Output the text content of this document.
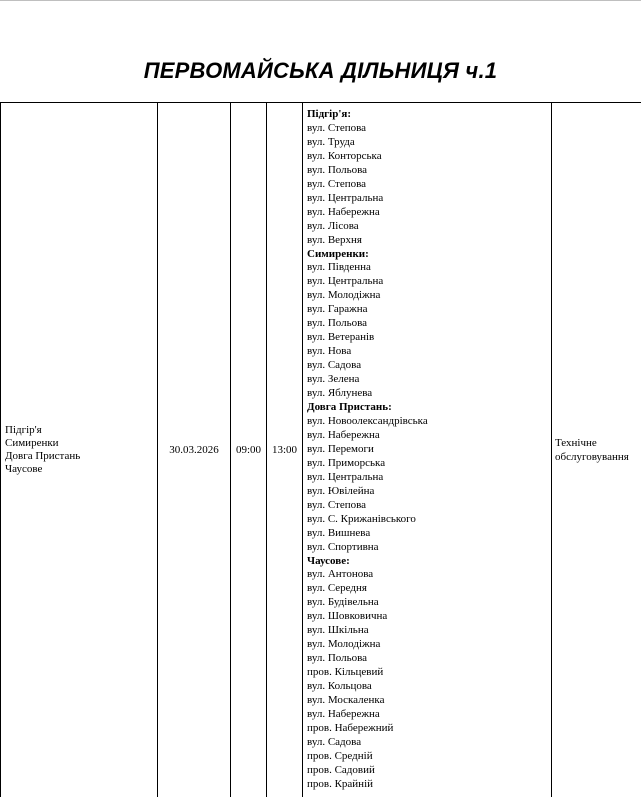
ПЕРВОМАЙСЬКА ДІЛЬНИЦЯ ч.1
Підгір'я
Симиренки
Довга Пристань
Чаусове
30.03.2026 09:00 13:00
Підгір'я:
вул. Степова
вул. Труда
вул. Конторська
вул. Польова
вул. Степова
вул. Центральна
вул. Набережна
вул. Лісова
вул. Верхня
Симиренки:
вул. Південна
вул. Центральна
вул. Молодіжна
вул. Гаражна
вул. Польова
вул. Ветеранів
вул. Нова
вул. Садова
вул. Зелена
вул. Яблунева
Довга Пристань:
вул. Новоолександрівська
вул. Набережна
вул. Перемоги
вул. Приморська
вул. Центральна
вул. Ювілейна
вул. Степова
вул. С. Крижанівського
вул. Вишнева
вул. Спортивна
Чаусове:
вул. Антонова
вул. Середня
вул. Будівельна
вул. Шовковична
вул. Шкільна
вул. Молодіжна
вул. Польова
пров. Кільцевий
вул. Кольцова
вул. Москаленка
вул. Набережна
пров. Набережний
вул. Садова
пров. Средній
пров. Садовий
пров. Крайній
Технічне
обслуговування
